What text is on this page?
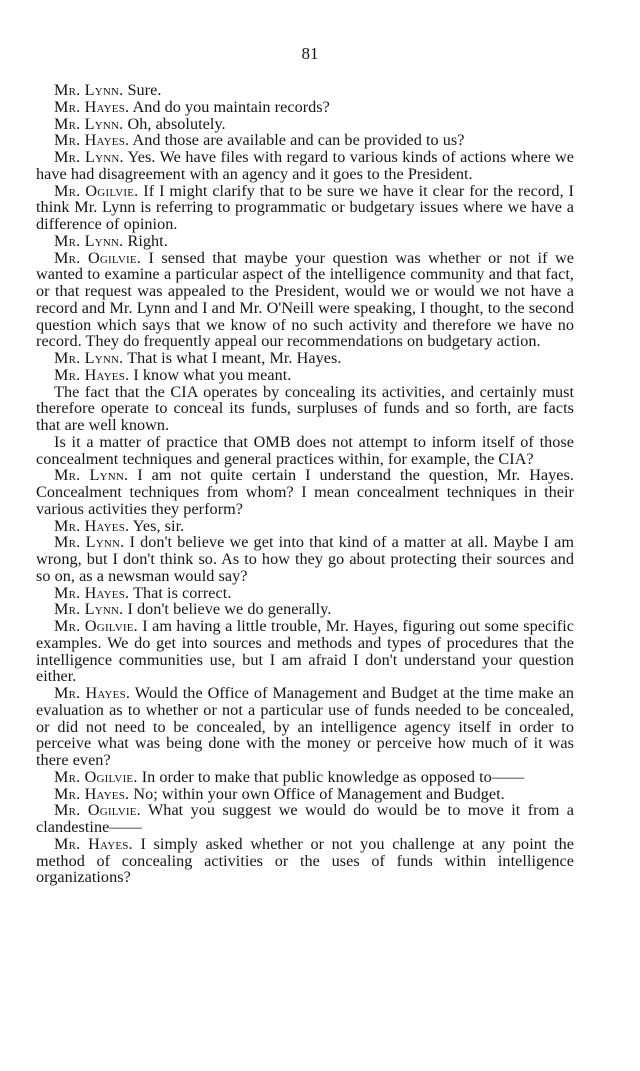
81

Mr. Lynn. Sure.

Mr. Hayes. And do you maintain records?

Mr. Lynn. Oh, absolutely.

Mr. Hayes. And those are available and can be provided to us?

Mr. Lynn. Yes. We have files with regard to various kinds of actions where we have had disagreement with an agency and it goes to the President.

Mr. Ogilvie. If I might clarify that to be sure we have it clear for the record, I think Mr. Lynn is referring to programmatic or budgetary issues where we have a difference of opinion.

Mr. Lynn. Right.

Mr. Ogilvie. I sensed that maybe your question was whether or not if we wanted to examine a particular aspect of the intelligence community and that fact, or that request was appealed to the President, would we or would we not have a record and Mr. Lynn and I and Mr. O'Neill were speaking, I thought, to the second question which says that we know of no such activity and therefore we have no record. They do frequently appeal our recommendations on budgetary action.

Mr. Lynn. That is what I meant, Mr. Hayes.

Mr. Hayes. I know what you meant.

The fact that the CIA operates by concealing its activities, and certainly must therefore operate to conceal its funds, surpluses of funds and so forth, are facts that are well known.

Is it a matter of practice that OMB does not attempt to inform itself of those concealment techniques and general practices within, for example, the CIA?

Mr. Lynn. I am not quite certain I understand the question, Mr. Hayes. Concealment techniques from whom? I mean concealment techniques in their various activities they perform?

Mr. Hayes. Yes, sir.

Mr. Lynn. I don't believe we get into that kind of a matter at all. Maybe I am wrong, but I don't think so. As to how they go about protecting their sources and so on, as a newsman would say?

Mr. Hayes. That is correct.

Mr. Lynn. I don't believe we do generally.

Mr. Ogilvie. I am having a little trouble, Mr. Hayes, figuring out some specific examples. We do get into sources and methods and types of procedures that the intelligence communities use, but I am afraid I don't understand your question either.

Mr. Hayes. Would the Office of Management and Budget at the time make an evaluation as to whether or not a particular use of funds needed to be concealed, or did not need to be concealed, by an intelligence agency itself in order to perceive what was being done with the money or perceive how much of it was there even?

Mr. Ogilvie. In order to make that public knowledge as opposed to——

Mr. Hayes. No; within your own Office of Management and Budget.

Mr. Ogilvie. What you suggest we would do would be to move it from a clandestine——

Mr. Hayes. I simply asked whether or not you challenge at any point the method of concealing activities or the uses of funds within intelligence organizations?
